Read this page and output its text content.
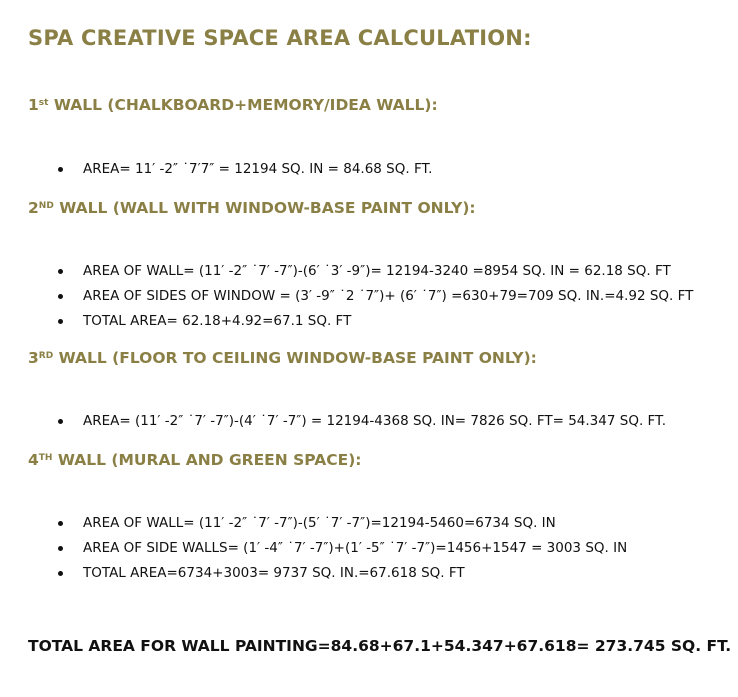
SPA CREATIVE SPACE AREA CALCULATION:
1st WALL (CHALKBOARD+MEMORY/IDEA WALL):
AREA= 11′ -2″ ˙7′7″ = 12194 SQ. IN = 84.68 SQ. FT.
2ND WALL (WALL WITH WINDOW-BASE PAINT ONLY):
AREA OF WALL= (11′ -2″ ˙7′ -7″)-(6′ ˙3′ -9″)= 12194-3240 =8954 SQ. IN = 62.18 SQ. FT
AREA OF SIDES OF WINDOW = (3′ -9″ ˙2 ˙7″)+ (6′ ˙7″) =630+79=709 SQ. IN.=4.92 SQ. FT
TOTAL AREA= 62.18+4.92=67.1 SQ. FT
3RD WALL (FLOOR TO CEILING WINDOW-BASE PAINT ONLY):
AREA= (11′ -2″ ˙7′ -7″)-(4′ ˙7′ -7″) = 12194-4368 SQ. IN= 7826 SQ. FT= 54.347 SQ. FT.
4TH WALL (MURAL AND GREEN SPACE):
AREA OF WALL= (11′ -2″ ˙7′ -7″)-(5′ ˙7′ -7″)=12194-5460=6734 SQ. IN
AREA OF SIDE WALLS= (1′ -4″ ˙7′ -7″)+(1′ -5″ ˙7′ -7″)=1456+1547 = 3003 SQ. IN
TOTAL AREA=6734+3003= 9737 SQ. IN.=67.618 SQ. FT
TOTAL AREA FOR WALL PAINTING=84.68+67.1+54.347+67.618= 273.745 SQ. FT.
